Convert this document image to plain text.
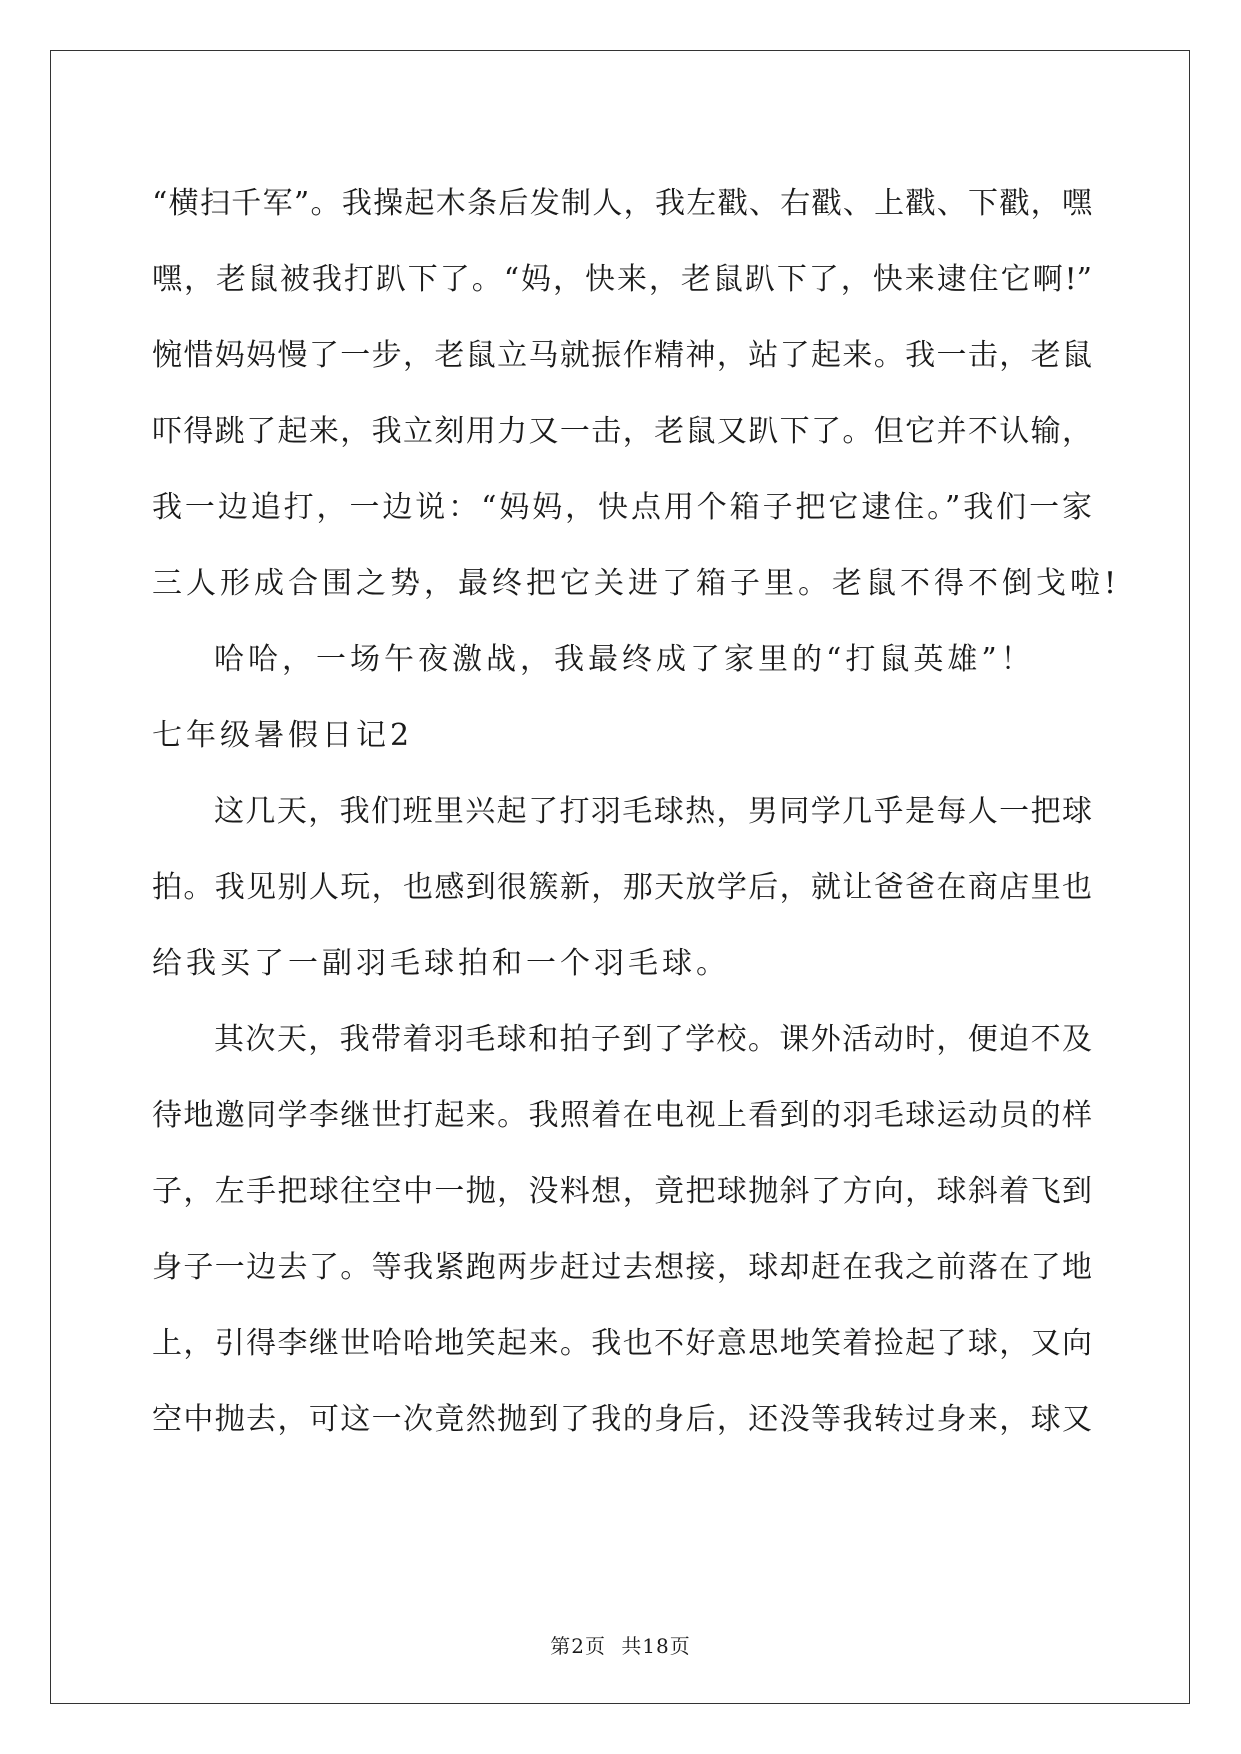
“横扫千军”。我操起木条后发制人，我左戳、右戳、上戳、下戳，嘿
嘿，老鼠被我打趴下了。“妈，快来，老鼠趴下了，快来逮住它啊!”
惋惜妈妈慢了一步，老鼠立马就振作精神，站了起来。我一击，老鼠
吓得跳了起来，我立刻用力又一击，老鼠又趴下了。但它并不认输，
我一边追打，一边说：“妈妈，快点用个箱子把它逮住。”我们一家
三人形成合围之势，最终把它关进了箱子里。老鼠不得不倒戈啦!
哈哈，一场午夜激战，我最终成了家里的“打鼠英雄”！
七年级暑假日记2
这几天，我们班里兴起了打羽毛球热，男同学几乎是每人一把球
拍。我见别人玩，也感到很簇新，那天放学后，就让爸爸在商店里也
给我买了一副羽毛球拍和一个羽毛球。
其次天，我带着羽毛球和拍子到了学校。课外活动时，便迫不及
待地邀同学李继世打起来。我照着在电视上看到的羽毛球运动员的样
子，左手把球往空中一抛，没料想，竟把球抛斜了方向，球斜着飞到
身子一边去了。等我紧跑两步赶过去想接，球却赶在我之前落在了地
上，引得李继世哈哈地笑起来。我也不好意思地笑着捡起了球，又向
空中抛去，可这一次竟然抛到了我的身后，还没等我转过身来，球又
第2页 共18页
